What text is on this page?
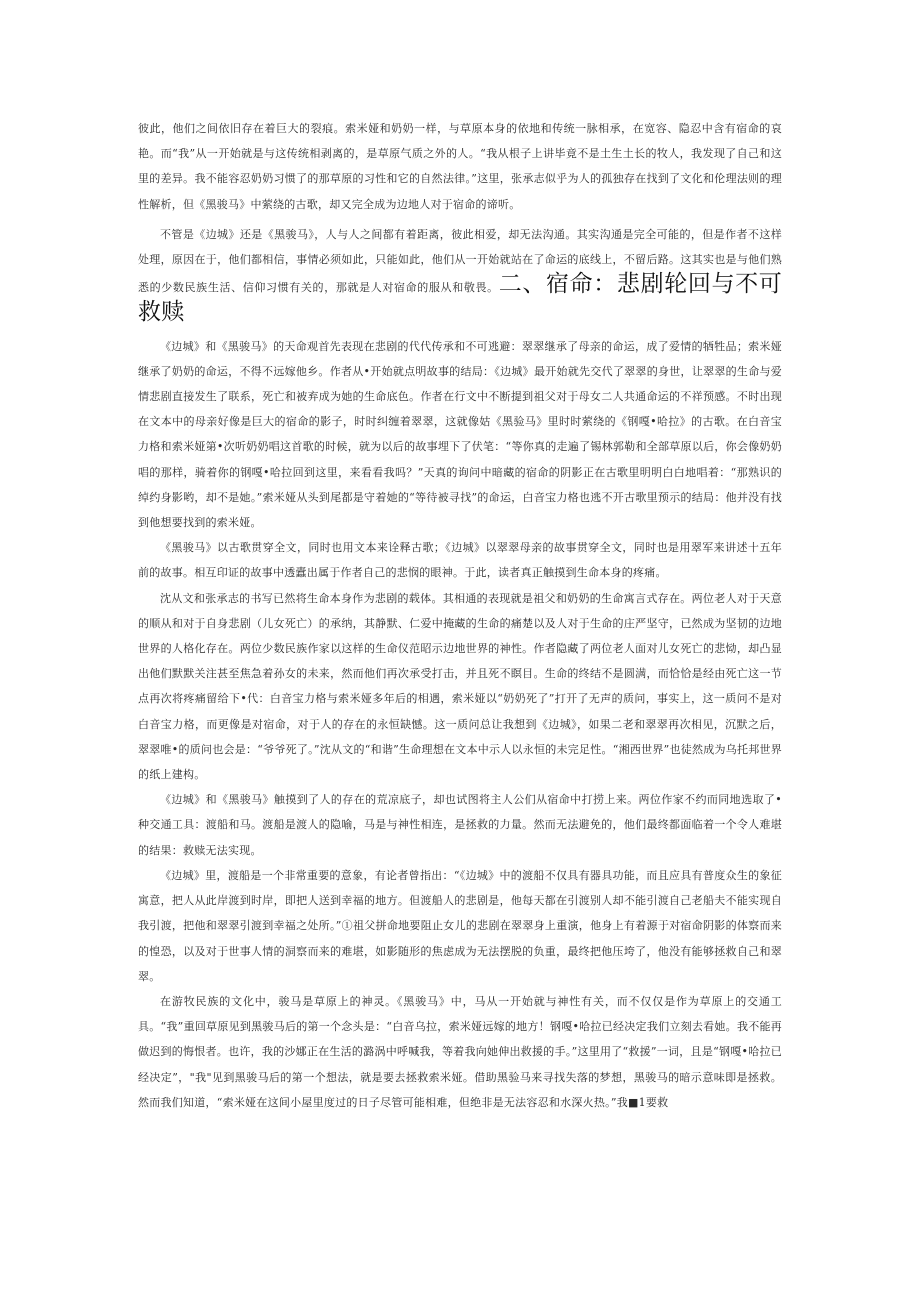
彼此，他们之间依旧存在着巨大的裂痕。索米娅和奶奶一样，与草原本身的依地和传统一脉相承，在宽容、隐忍中含有宿命的哀艳。而“我”从一开始就是与这传统相剥离的，是草原气质之外的人。“我从根子上讲毕竟不是土生土长的牧人，我发现了自己和这里的差异。我不能容忍奶奶习惯了的那草原的习性和它的自然法律。”这里，张承志似乎为人的孤独存在找到了文化和伦理法则的理性解析，但《黑骏马》中萦绕的古歌，却又完全成为边地人对于宿命的谛听。

不管是《边城》还是《黑骏马》，人与人之间都有着距离，彼此相爱，却无法沟通。其实沟通是完全可能的，但是作者不这样处理，原因在于，他们都相信，事情必须如此，只能如此，他们从一开始就站在了命运的底线上，不留后路。这其实也是与他们熟悉的少数民族生活、信仰习惯有关的，那就是人对宿命的服从和敬畏。二、宿命：悲剧轮回与不可救赎

《边城》和《黑骏马》的天命观首先表现在悲剧的代代传承和不可逃避：翠翠继承了母亲的命运，成了爱情的牺牲品；索米娅继承了奶奶的命运，不得不远嫁他乡。作者从•开始就点明故事的结局：《边城》最开始就先交代了翠翠的身世，让翠翠的生命与爱情悲剧直接发生了联系，死亡和被弃成为她的生命底色。作者在行文中不断提到祖父对于母女二人共通命运的不祥预感。不时出现在文本中的母亲好像是巨大的宿命的影子，时时纠缠着翠翠，这就像姑《黑验马》里时时萦绕的《钢嘎•哈拉》的古歌。在白音宝力格和索米娅第•次听奶奶唱这首歌的时候，就为以后的故事埋下了伏笔：“等你真的走遍了锡林郭勒和全部草原以后，你会像奶奶唱的那样，骑着你的钢嘎•哈拉回到这里，来看看我吗？”天真的询问中暗藏的宿命的阴影正在古歌里明明白白地唱着：“那熟识的绰约身影哟，却不是她。”索米娅从头到尾都是守着她的“等待被寻找”的命运，白音宝力格也逃不开古歌里预示的结局：他并没有找到他想要找到的索米娅。

《黑骏马》以古歌贯穿全文，同时也用文本来诠释古歌；《边城》以翠翠母亲的故事贯穿全文，同时也是用翠军来讲述十五年前的故事。相互印证的故事中透蠹出属于作者自己的悲悯的眼神。于此，读者真正触摸到生命本身的疼痛。

沈从文和张承志的书写已然将生命本身作为悲剧的载体。其相通的表现就是祖父和奶奶的生命寓言式存在。两位老人对于天意的顺从和对于自身悲剧（儿女死亡）的承纳，其静默、仁爱中掩藏的生命的痛楚以及人对于生命的庄严坚守，已然成为坚韧的边地世界的人格化存在。两位少数民族作家以这样的生命仪范昭示边地世界的神性。作者隐藏了两位老人面对儿女死亡的悲恸，却凸显出他们默默关注甚至焦急着孙女的未来，然而他们再次承受打击，并且死不瞑目。生命的终结不是圆满，而恰恰是经由死亡这一节点再次将疼痛留给下•代：白音宝力格与索米娅多年后的相遇，索米娅以“奶奶死了”打开了无声的质问，事实上，这一质问不是对白音宝力格，而更像是对宿命，对于人的存在的永恒缺憾。这一质问总让我想到《边城》，如果二老和翠翠再次相见，沉默之后，翠翠唯•的质问也会是：“爷爷死了。”沈从文的“和谐”生命理想在文本中示人以永恒的未完足性。“湘西世界”也徒然成为乌托邦世界的纸上建构。

《边城》和《黑骏马》触摸到了人的存在的荒凉底子，却也试图将主人公们从宿命中打捞上来。两位作家不约而同地选取了•种交通工具：渡船和马。渡船是渡人的隐喻，马是与神性相连，是拯救的力量。然而无法避免的，他们最终都面临着一个令人难堪的结果：救赎无法实现。

《边城》里，渡船是一个非常重要的意象，有论者曾指出：“《边城》中的渡船不仅具有器具功能，而且应具有普度众生的象征寓意，把人从此岸渡到时岸，即把人送到幸福的地方。但渡船人的悲剧是，他每天都在引渡别人却不能引渡自己老船夫不能实现自我引渡，把他和翠翠引渡到幸福之处所。”①祖父拼命地要阻止女儿的悲剧在翠翠身上重演，他身上有着源于对宿命阴影的体察而来的惶恐，以及对于世事人情的洞察而来的难堪，如影随形的焦虑成为无法摆脱的负重，最终把他压垮了，他没有能够拯救自己和翠翠。

在游牧民族的文化中，骏马是草原上的神灵。《黑骏马》中，马从一开始就与神性有关，而不仅仅是作为草原上的交通工具。“我”重回草原见到黑骏马后的第一个念头是：“白音乌拉，索米娅远嫁的地方！钢嘎•哈拉已经决定我们立刻去看她。我不能再做迟到的悔恨者。也许，我的沙娜正在生活的潞涡中呼喊我，等着我向她伸出救援的手。”这里用了“救援”一词，且是“钢嘎•哈拉已经决定”，"我"见到黑骏马后的第一个想法，就是要去拯救索米娅。借助黑验马来寻找失落的梦想，黑骏马的暗示意味即是拯救。然而我们知道，“索米娅在这间小屋里度过的日子尽管可能相难，但绝非是无法容忍和水深火热。”我■1要救
